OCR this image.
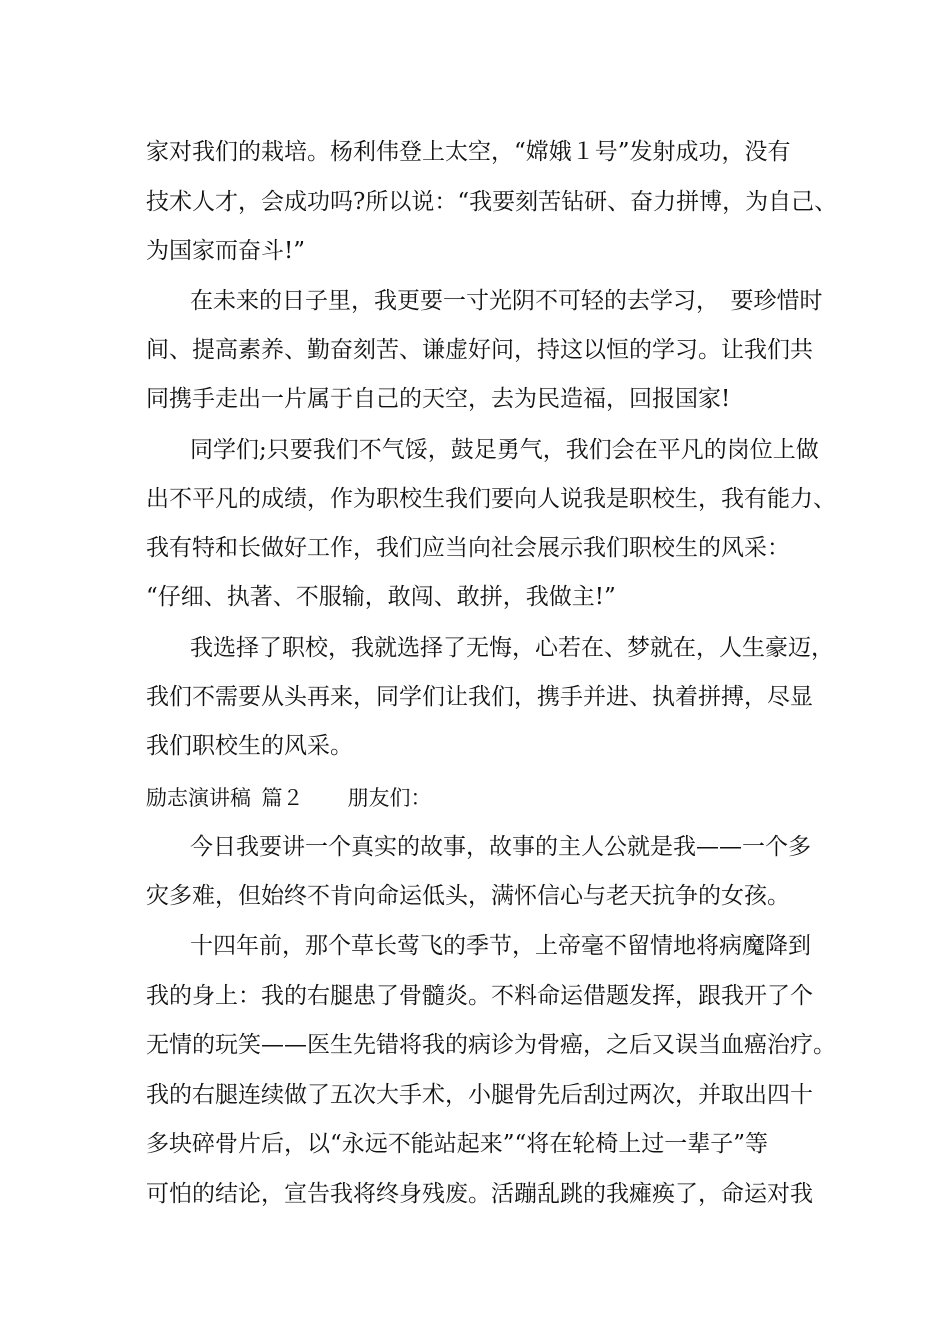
家对我们的栽培。杨利伟登上太空，“嫦娥１号”发射成功，没有

技术人才，会成功吗?所以说：“我要刻苦钻研、奋力拼博，为自己、

为国家而奋斗!”

在未来的日子里，我更要一寸光阴不可轻的去学习，　要珍惜时

间、提高素养、勤奋刻苦、谦虚好问，持这以恒的学习。让我们共

同携手走出一片属于自己的天空，去为民造福，回报国家!

同学们;只要我们不气馁，鼓足勇气，我们会在平凡的岗位上做

出不平凡的成绩，作为职校生我们要向人说我是职校生，我有能力、

我有特和长做好工作，我们应当向社会展示我们职校生的风采：

“仔细、执著、不服输，敢闯、敢拼，我做主!”

我选择了职校，我就选择了无悔，心若在、梦就在，人生豪迈，

我们不需要从头再来，同学们让我们，携手并进、执着拼搏，尽显

我们职校生的风采。

励志演讲稿  篇２ 朋友们：

今日我要讲一个真实的故事，故事的主人公就是我——一个多

灾多难，但始终不肯向命运低头，满怀信心与老天抗争的女孩。

十四年前，那个草长莺飞的季节，上帝毫不留情地将病魔降到

我的身上：我的右腿患了骨髓炎。不料命运借题发挥，跟我开了个

无情的玩笑——医生先错将我的病诊为骨癌，之后又误当血癌治疗。

我的右腿连续做了五次大手术，小腿骨先后刮过两次，并取出四十

多块碎骨片后，以“永远不能站起来”“将在轮椅上过一辈子”等

可怕的结论，宣告我将终身残废。活蹦乱跳的我瘫痪了，命运对我
